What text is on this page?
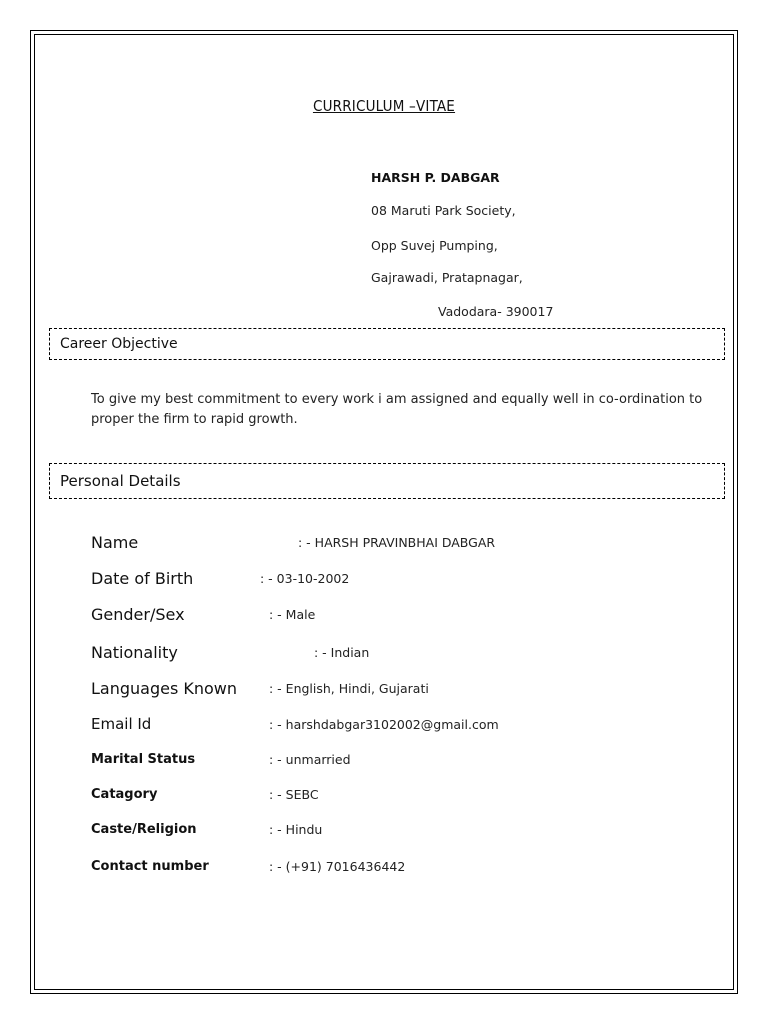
CURRICULUM –VITAE
HARSH P. DABGAR
08 Maruti Park Society,
Opp Suvej Pumping,
Gajrawadi, Pratapnagar,
Vadodara- 390017
Career Objective
To give my best commitment to every work i am assigned and equally well in co-ordination to proper the firm to rapid growth.
Personal Details
Name	: - HARSH PRAVINBHAI DABGAR
Date of Birth	: - 03-10-2002
Gender/Sex	: - Male
Nationality	: - Indian
Languages Known	: - English, Hindi, Gujarati
Email Id	: - harshdabgar3102002@gmail.com
Marital Status	: - unmarried
Catagory	: - SEBC
Caste/Religion	: - Hindu
Contact number	: - (+91) 7016436442
